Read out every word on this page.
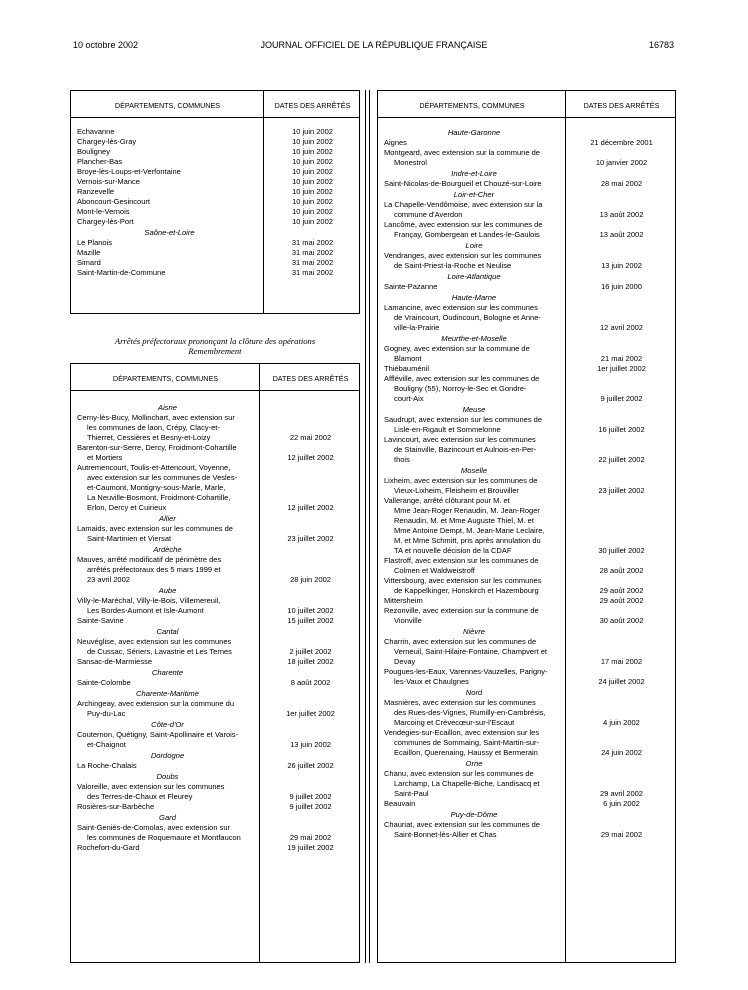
10 octobre 2002	JOURNAL OFFICIEL DE LA RÉPUBLIQUE FRANÇAISE	16783
DÉPARTEMENTS, COMMUNES	DATES DES ARRÊTÉS
Echavanne	10 juin 2002
Chargey-lès-Gray	10 juin 2002
Bouligney	10 juin 2002
Plancher-Bas	10 juin 2002
Broye-lès-Loups-et-Verfontaine	10 juin 2002
Vernois-sur-Mance	10 juin 2002
Ranzevelle	10 juin 2002
Aboncourt-Gesincourt	10 juin 2002
Mont-le-Vernois	10 juin 2002
Chargey-lès-Port	10 juin 2002
Saône-et-Loire
Le Planois	31 mai 2002
Mazille	31 mai 2002
Simard	31 mai 2002
Saint-Martin-de-Commune	31 mai 2002
Arrêtés préfectoraux prononçant la clôture des opérations
Remembrement
DÉPARTEMENTS, COMMUNES	DATES DES ARRÊTÉS
Aisne
Cerny-lès-Bucy, Mollinchart, avec extension sur
les communes de laon, Crépy, Clacy-et-
Thierret, Cessières et Besny-et-Loizy	22 mai 2002
Barenton-sur-Serre, Dercy, Froidmont-Cohartille
et Mortiers	12 juillet 2002
Autremencourt, Toulis-et-Attencourt, Voyenne,
avec extension sur les communes de Vesles-
et-Caumont, Montigny-sous-Marle, Marle,
La Neuville-Bosmont, Froidmont-Cohartille,
Erlon, Dercy et Cuirieux	12 juillet 2002
Allier
Lamaids, avec extension sur les communes de
Saint-Martinien et Viersat	23 juillet 2002
Ardèche
Mauves, arrêté modificatif de périmètre des
arrêtés préfectoraux des 5 mars 1999 et
23 avril 2002	28 juin 2002
Aube
Villy-le-Maréchal, Villy-le-Bois, Villemereuil,
Les Bordes-Aumont et Isle-Aumont	10 juillet 2002
Sainte-Savine	15 juillet 2002
Cantal
Neuvéglise, avec extension sur les communes
de Cussac, Sériers, Lavastrie et Les Ternes	2 juillet 2002
Sansac-de-Marmiesse	18 juillet 2002
Charente
Sainte-Colombe	8 août 2002
Charente-Maritime
Archingeay, avec extension sur la commune du
Puy-du-Lac	1er juillet 2002
Côte-d'Or
Couternon, Quétigny, Saint-Apollinaire et Varois-
et-Chaignot	13 juin 2002
Dordogne
La Roche-Chalais	26 juillet 2002
Doubs
Valoreille, avec extension sur les communes
des Terres-de-Chaux et Fleurey	9 juillet 2002
Rosières-sur-Barbèche	9 juillet 2002
Gard
Saint-Geniès-de-Comolas, avec extension sur
les communes de Roquemaure et Montfaucon	29 mai 2002
Rochefort-du-Gard	19 juillet 2002
DÉPARTEMENTS, COMMUNES	DATES DES ARRÊTÉS
Haute-Garonne
Aignes	21 décembre 2001
Montgeard, avec extension sur la commune de
Monestrol	10 janvier 2002
Indre-et-Loire
Saint-Nicolas-de-Bourgueil et Chouzé-sur-Loire	28 mai 2002
Loir-et-Cher
La Chapelle-Vendômoise, avec extension sur la
commune d'Averdon	13 août 2002
Lancôme, avec extension sur les communes de
Françay, Gombergean et Landes-le-Gaulois	13 août 2002
Loire
Vendranges, avec extension sur les communes
de Saint-Priest-la-Roche et Neulise	13 juin 2002
Loire-Atlantique
Sainte-Pazanne	16 juin 2000
Haute-Marne
Lamancine, avec extension sur les communes
de Vraincourt, Oudincourt, Bologne et Anne-
ville-la-Prairie	12 avril 2002
Meurthe-et-Moselle
Gogney, avec extension sur la commune de
Blamont	21 mai 2002
Thiébauménil	1er juillet 2002
Affléville, avec extension sur les communes de
Bouligny (55), Norroy-le-Sec et Gondre-
court-Aix	9 juillet 2002
Meuse
Saudrupt, avec extension sur les communes de
Lisle-en-Rigault et Sommelonne	16 juillet 2002
Lavincourt, avec extension sur les communes
de Stainville, Bazincourt et Aulnois-en-Per-
thois	22 juillet 2002
Moselle
Lixheim, avec extension sur les communes de
Vieux-Lixheim, Fleisheim et Brouviller	23 juillet 2002
Vallerange, arrêté clôturant pour M. et
Mme Jean-Roger Renaudin, M. Jean-Roger
Renaudin, M. et Mme Auguste Thiel, M. et
Mme Antoine Dempt, M. Jean-Marie Leclaire,
M. et Mme Schmitt, pris après annulation du
TA et nouvelle décision de la CDAF	30 juillet 2002
Flastroff, avec extension sur les communes de
Colmen et Waldweistroff	28 août 2002
Vittersbourg, avec extension sur les communes
de Kappelkinger, Honskirch et Hazembourg	29 août 2002
Mittersheim	29 août 2002
Rezonville, avec extension sur la commune de
Vionville	30 août 2002
Nièvre
Charrin, avec extension sur les communes de
Verneuil, Saint-Hilaire-Fontaine, Champvert et
Devay	17 mai 2002
Pougues-les-Eaux, Varennes-Vauzelles, Parigny-
les-Vaux et Chaulgnes	24 juillet 2002
Nord
Masnières, avec extension sur les communes
des Rues-des-Vignes, Rumilly-en-Cambrésis,
Marcoing et Crèvecœur-sur-l'Escaut	4 juin 2002
Vendegies-sur-Ecaillon, avec extension sur les
communes de Sommaing, Saint-Martin-sur-
Ecaillon, Querenaing, Haussy et Bermerain	24 juin 2002
Orne
Chanu, avec extension sur les communes de
Larchamp, La Chapelle-Biche, Landisacq et
Saint-Paul	29 avril 2002
Beauvain	6 juin 2002
Puy-de-Dôme
Chauriat, avec extension sur les communes de
Saint-Bonnet-lès-Allier et Chas	29 mai 2002
